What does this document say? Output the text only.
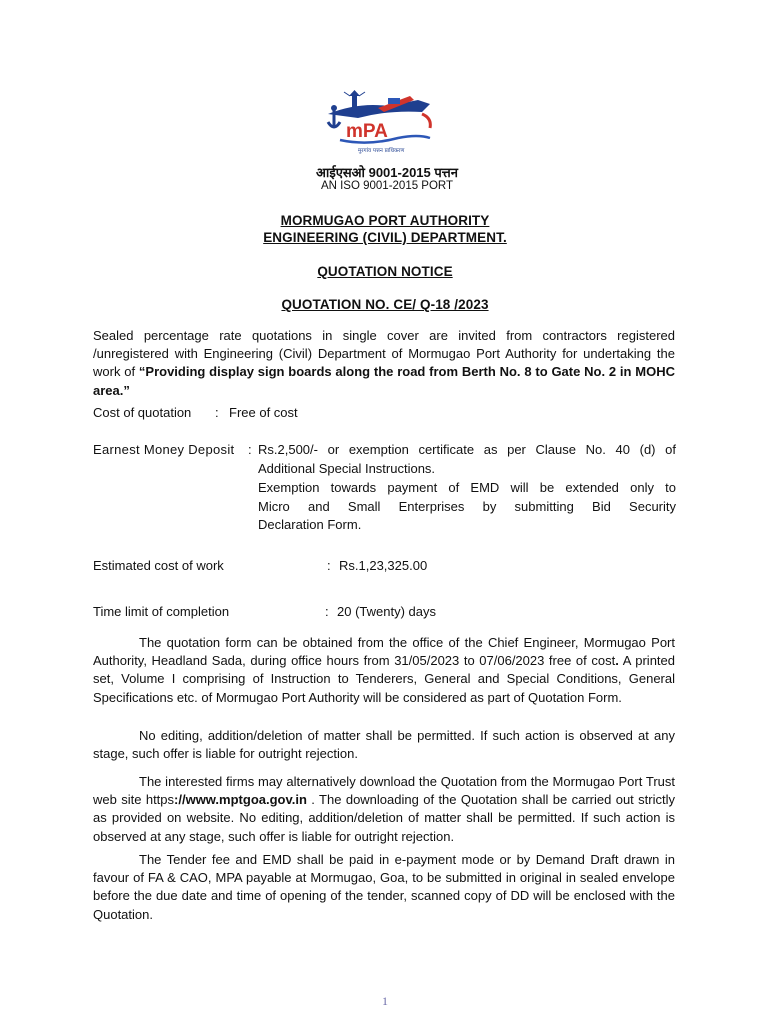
mPA
मुरगांव पत्तन प्राधिकरण
आईएसओ 9001-2015 पत्तन
AN ISO 9001-2015 PORT
MORMUGAO PORT AUTHORITY
ENGINEERING (CIVIL) DEPARTMENT.
QUOTATION NOTICE
QUOTATION NO. CE/ Q-18 /2023

Sealed percentage rate quotations in single cover are invited from contractors registered /unregistered with Engineering (Civil) Department of Mormugao Port Authority for undertaking the work of “Providing display sign boards along the road from Berth No. 8 to Gate No. 2 in MOHC area.”

Cost of quotation : Free of cost
Earnest Money Deposit : Rs.2,500/- or exemption certificate as per Clause No. 40 (d) of
Additional Special Instructions.
Exemption towards payment of EMD will be extended only to
Micro and Small Enterprises by submitting Bid Security
Declaration Form.
Estimated cost of work	: Rs.1,23,325.00
Time limit of completion	: 20 (Twenty) days

The quotation form can be obtained from the office of the Chief Engineer, Mormugao Port Authority, Headland Sada, during office hours from 31/05/2023 to 07/06/2023 free of cost. A printed set, Volume I comprising of Instruction to Tenderers, General and Special Conditions, General Specifications etc. of Mormugao Port Authority will be considered as part of Quotation Form.

No editing, addition/deletion of matter shall be permitted. If such action is observed at any stage, such offer is liable for outright rejection.

The interested firms may alternatively download the Quotation from the Mormugao Port Trust web site https://www.mptgoa.gov.in . The downloading of the Quotation shall be carried out strictly as provided on website. No editing, addition/deletion of matter shall be permitted. If such action is observed at any stage, such offer is liable for outright rejection.

The Tender fee and EMD shall be paid in e-payment mode or by Demand Draft drawn in favour of FA & CAO, MPA payable at Mormugao, Goa, to be submitted in original in sealed envelope before the due date and time of opening of the tender, scanned copy of DD will be enclosed with the Quotation.

1
